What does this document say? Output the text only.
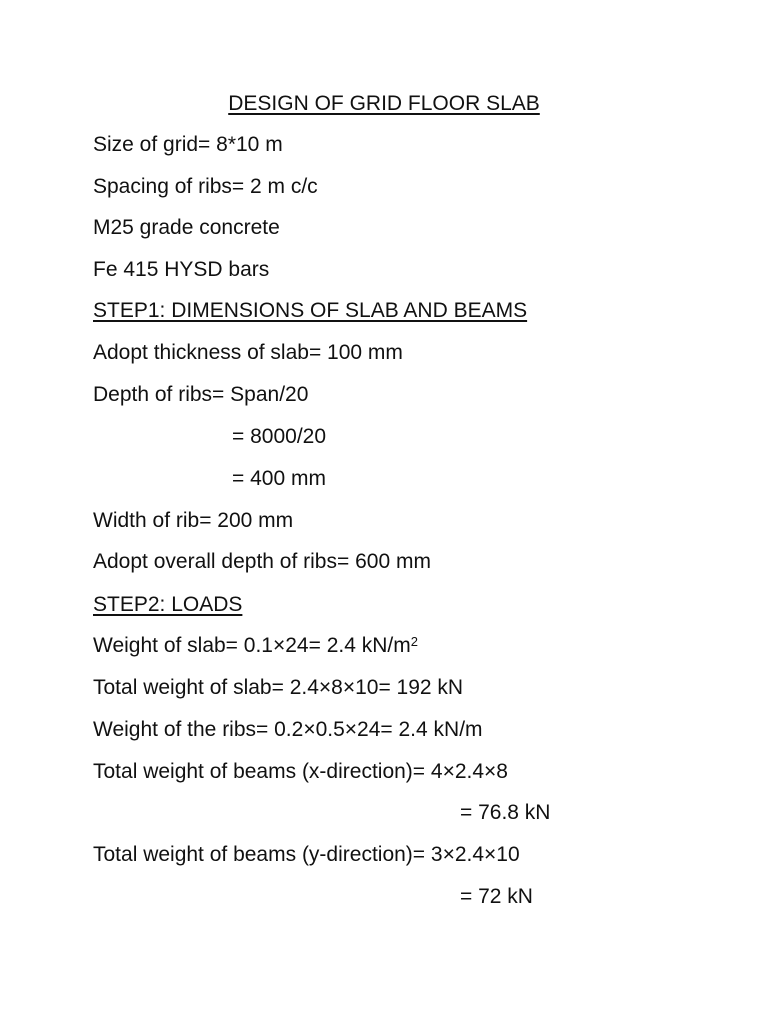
DESIGN OF GRID FLOOR SLAB
Size of grid= 8*10 m
Spacing of ribs= 2 m c/c
M25 grade concrete
Fe 415 HYSD bars
STEP1: DIMENSIONS OF SLAB AND BEAMS
Adopt thickness of slab= 100 mm
Depth of ribs= Span/20
= 8000/20
= 400 mm
Width of rib= 200 mm
Adopt overall depth of ribs= 600 mm
STEP2: LOADS
Weight of slab= 0.1×24= 2.4 $kN/m^2$
Total weight of slab= 2.4×8×10= 192 kN
Weight of the ribs= 0.2×0.5×24= 2.4 kN/m
Total weight of beams (x-direction)= 4×2.4×8
= 76.8 kN
Total weight of beams (y-direction)= 3×2.4×10
= 72 kN
